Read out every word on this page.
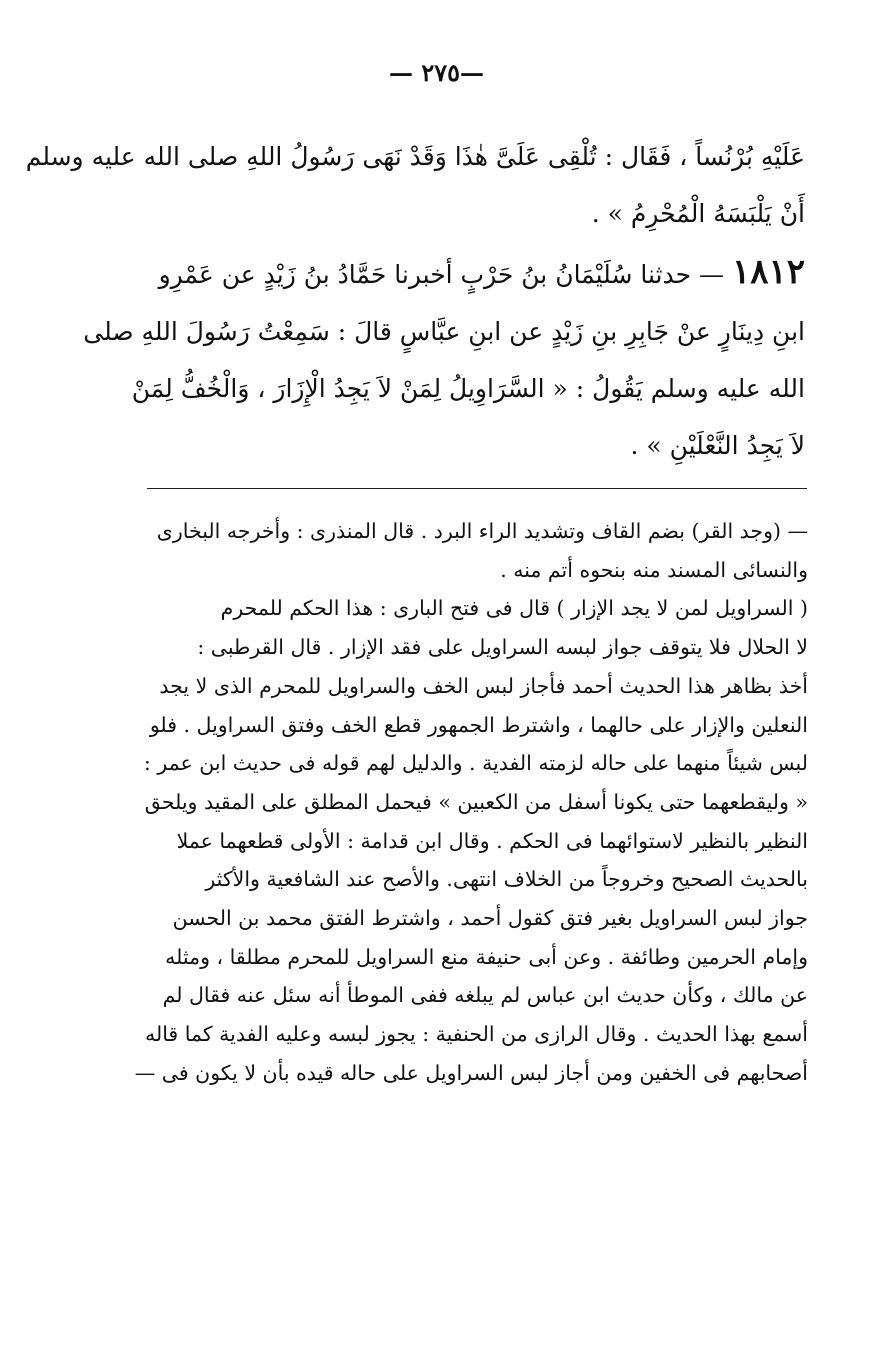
— ٢٧٥—
عَلَيْهِ بُرْنُساً ، فَقَال : تُلْقِى عَلَىَّ هٰذَا وَقَدْ نَهَى رَسُولُ اللهِ صلى الله عليه وسلم
أَنْ يَلْبَسَهُ الْمُحْرِمُ » .
١٨١٢ — حدثنا سُلَيْمَانُ بنُ حَرْبٍ أخبرنا حَمَّادُ بنُ زَيْدٍ عن عَمْرِو
ابنِ دِينَارٍ عنْ جَابِرِ بنِ زَيْدٍ عن ابنِ عبَّاسٍ قالَ : سَمِعْتُ رَسُولَ اللهِ صلى
الله عليه وسلم يَقُولُ : « السَّرَاوِيلُ لِمَنْ لاَ يَجِدُ الْإِزَارَ ، وَالْخُفُّ لِمَنْ
لاَ يَجِدُ النَّعْلَيْنِ » .
— (وجد القر) بضم القاف وتشديد الراء البرد . قال المنذرى : وأخرجه البخارى
والنسائى المسند منه بنحوه أتم منه .
( السراويل لمن لا يجد الإزار ) قال فى فتح البارى : هذا الحكم للمحرم
لا الحلال فلا يتوقف جواز لبسه السراويل على فقد الإزار . قال القرطبى :
أخذ بظاهر هذا الحديث أحمد فأجاز لبس الخف والسراويل للمحرم الذى لا يجد
النعلين والإزار على حالهما ، واشترط الجمهور قطع الخف وفتق السراويل . فلو
لبس شيئاً منهما على حاله لزمته الفدية . والدليل لهم قوله فى حديث ابن عمر :
« وليقطعهما حتى يكونا أسفل من الكعبين » فيحمل المطلق على المقيد ويلحق
النظير بالنظير لاستوائهما فى الحكم . وقال ابن قدامة : الأولى قطعهما عملا
بالحديث الصحيح وخروجاً من الخلاف انتهى. والأصح عند الشافعية والأكثر
جواز لبس السراويل بغير فتق كقول أحمد ، واشترط الفتق محمد بن الحسن
وإمام الحرمين وطائفة . وعن أبى حنيفة منع السراويل للمحرم مطلقا ، ومثله
عن مالك ، وكأن حديث ابن عباس لم يبلغه ففى الموطأ أنه سئل عنه فقال لم
أسمع بهذا الحديث . وقال الرازى من الحنفية : يجوز لبسه وعليه الفدية كما قاله
أصحابهم فى الخفين ومن أجاز لبس السراويل على حاله قيده بأن لا يكون فى —
